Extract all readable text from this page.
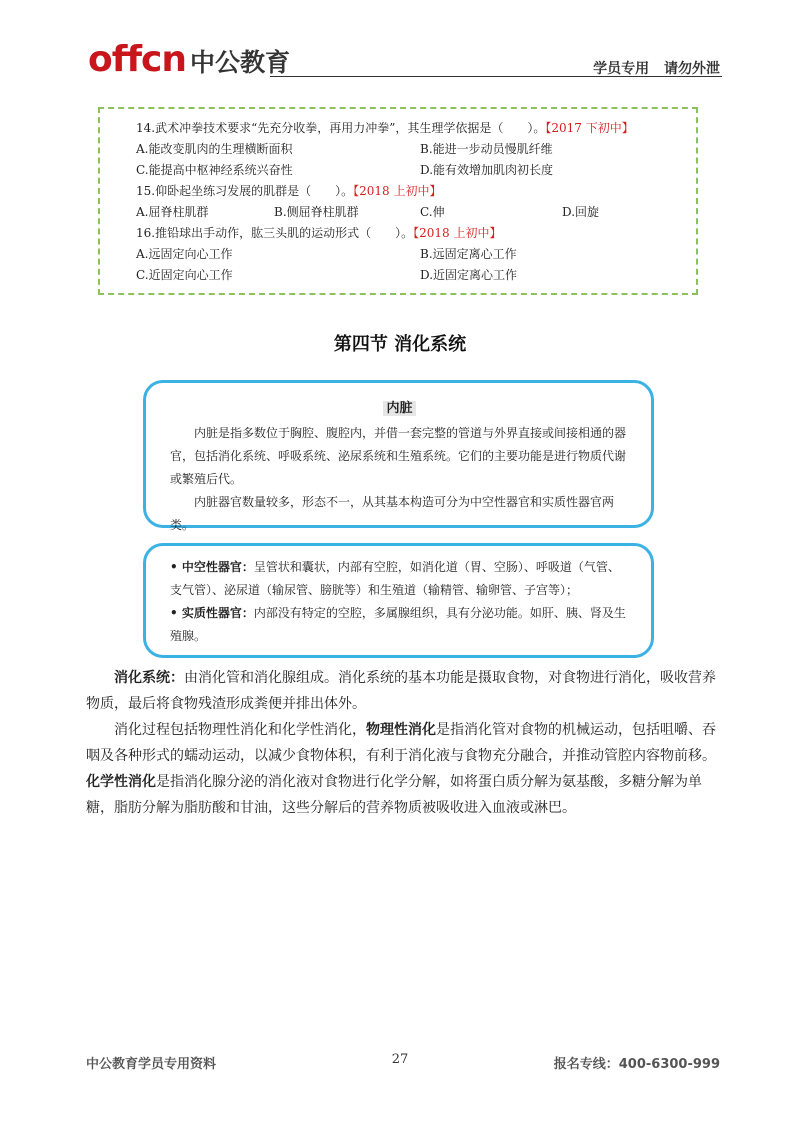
offcn 中公教育	学员专用 请勿外泄
14.武术冲拳技术要求“先充分收拳，再用力冲拳”，其生理学依据是（　　）。【2017 下初中】
A.能改变肌肉的生理横断面积	B.能进一步动员慢肌纤维
C.能提高中枢神经系统兴奋性	D.能有效增加肌肉初长度
15.仰卧起坐练习发展的肌群是（　　）。【2018 上初中】
A.屈脊柱肌群	B.侧屈脊柱肌群	C.伸	D.回旋
16.推铅球出手动作，肱三头肌的运动形式（　　）。【2018 上初中】
A.远固定向心工作	B.远固定离心工作
C.近固定向心工作	D.近固定离心工作
第四节 消化系统
内脏

内脏是指多数位于胸腔、腹腔内，并借一套完整的管道与外界直接或间接相通的器官，包括消化系统、呼吸系统、泌尿系统和生殖系统。它们的主要功能是进行物质代谢或繁殖后代。

内脏器官数量较多，形态不一，从其基本构造可分为中空性器官和实质性器官两类。

• 中空性器官：呈管状和囊状，内部有空腔，如消化道（胃、空肠）、呼吸道（气管、支气管）、泌尿道（输尿管、膀胱等）和生殖道（输精管、输卵管、子宫等）；

• 实质性器官：内部没有特定的空腔，多属腺组织，具有分泌功能。如肝、胰、肾及生殖腺。

消化系统：由消化管和消化腺组成。消化系统的基本功能是摄取食物，对食物进行消化，吸收营养物质，最后将食物残渣形成粪便并排出体外。

消化过程包括物理性消化和化学性消化，物理性消化是指消化管对食物的机械运动，包括咀嚼、吞咽及各种形式的蠕动运动，以减少食物体积，有利于消化液与食物充分融合，并推动管腔内容物前移。化学性消化是指消化腺分泌的消化液对食物进行化学分解，如将蛋白质分解为氨基酸，多糖分解为单糖，脂肪分解为脂肪酸和甘油，这些分解后的营养物质被吸收进入血液或淋巴。

中公教育学员专用资料	27	报名专线：400-6300-999
